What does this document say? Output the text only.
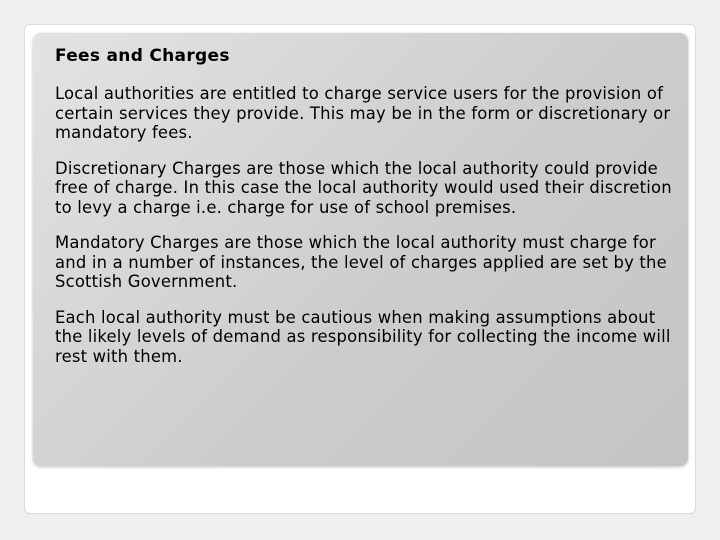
Fees and Charges

Local authorities are entitled to charge service users for the provision of certain services they provide. This may be in the form or discretionary or mandatory fees.

Discretionary Charges are those which the local authority could provide free of charge. In this case the local authority would used their discretion to levy a charge i.e. charge for use of school premises.

Mandatory Charges are those which the local authority must charge for and in a number of instances, the level of charges applied are set by the Scottish Government.

Each local authority must be cautious when making assumptions about the likely levels of demand as responsibility for collecting the income will rest with them.
